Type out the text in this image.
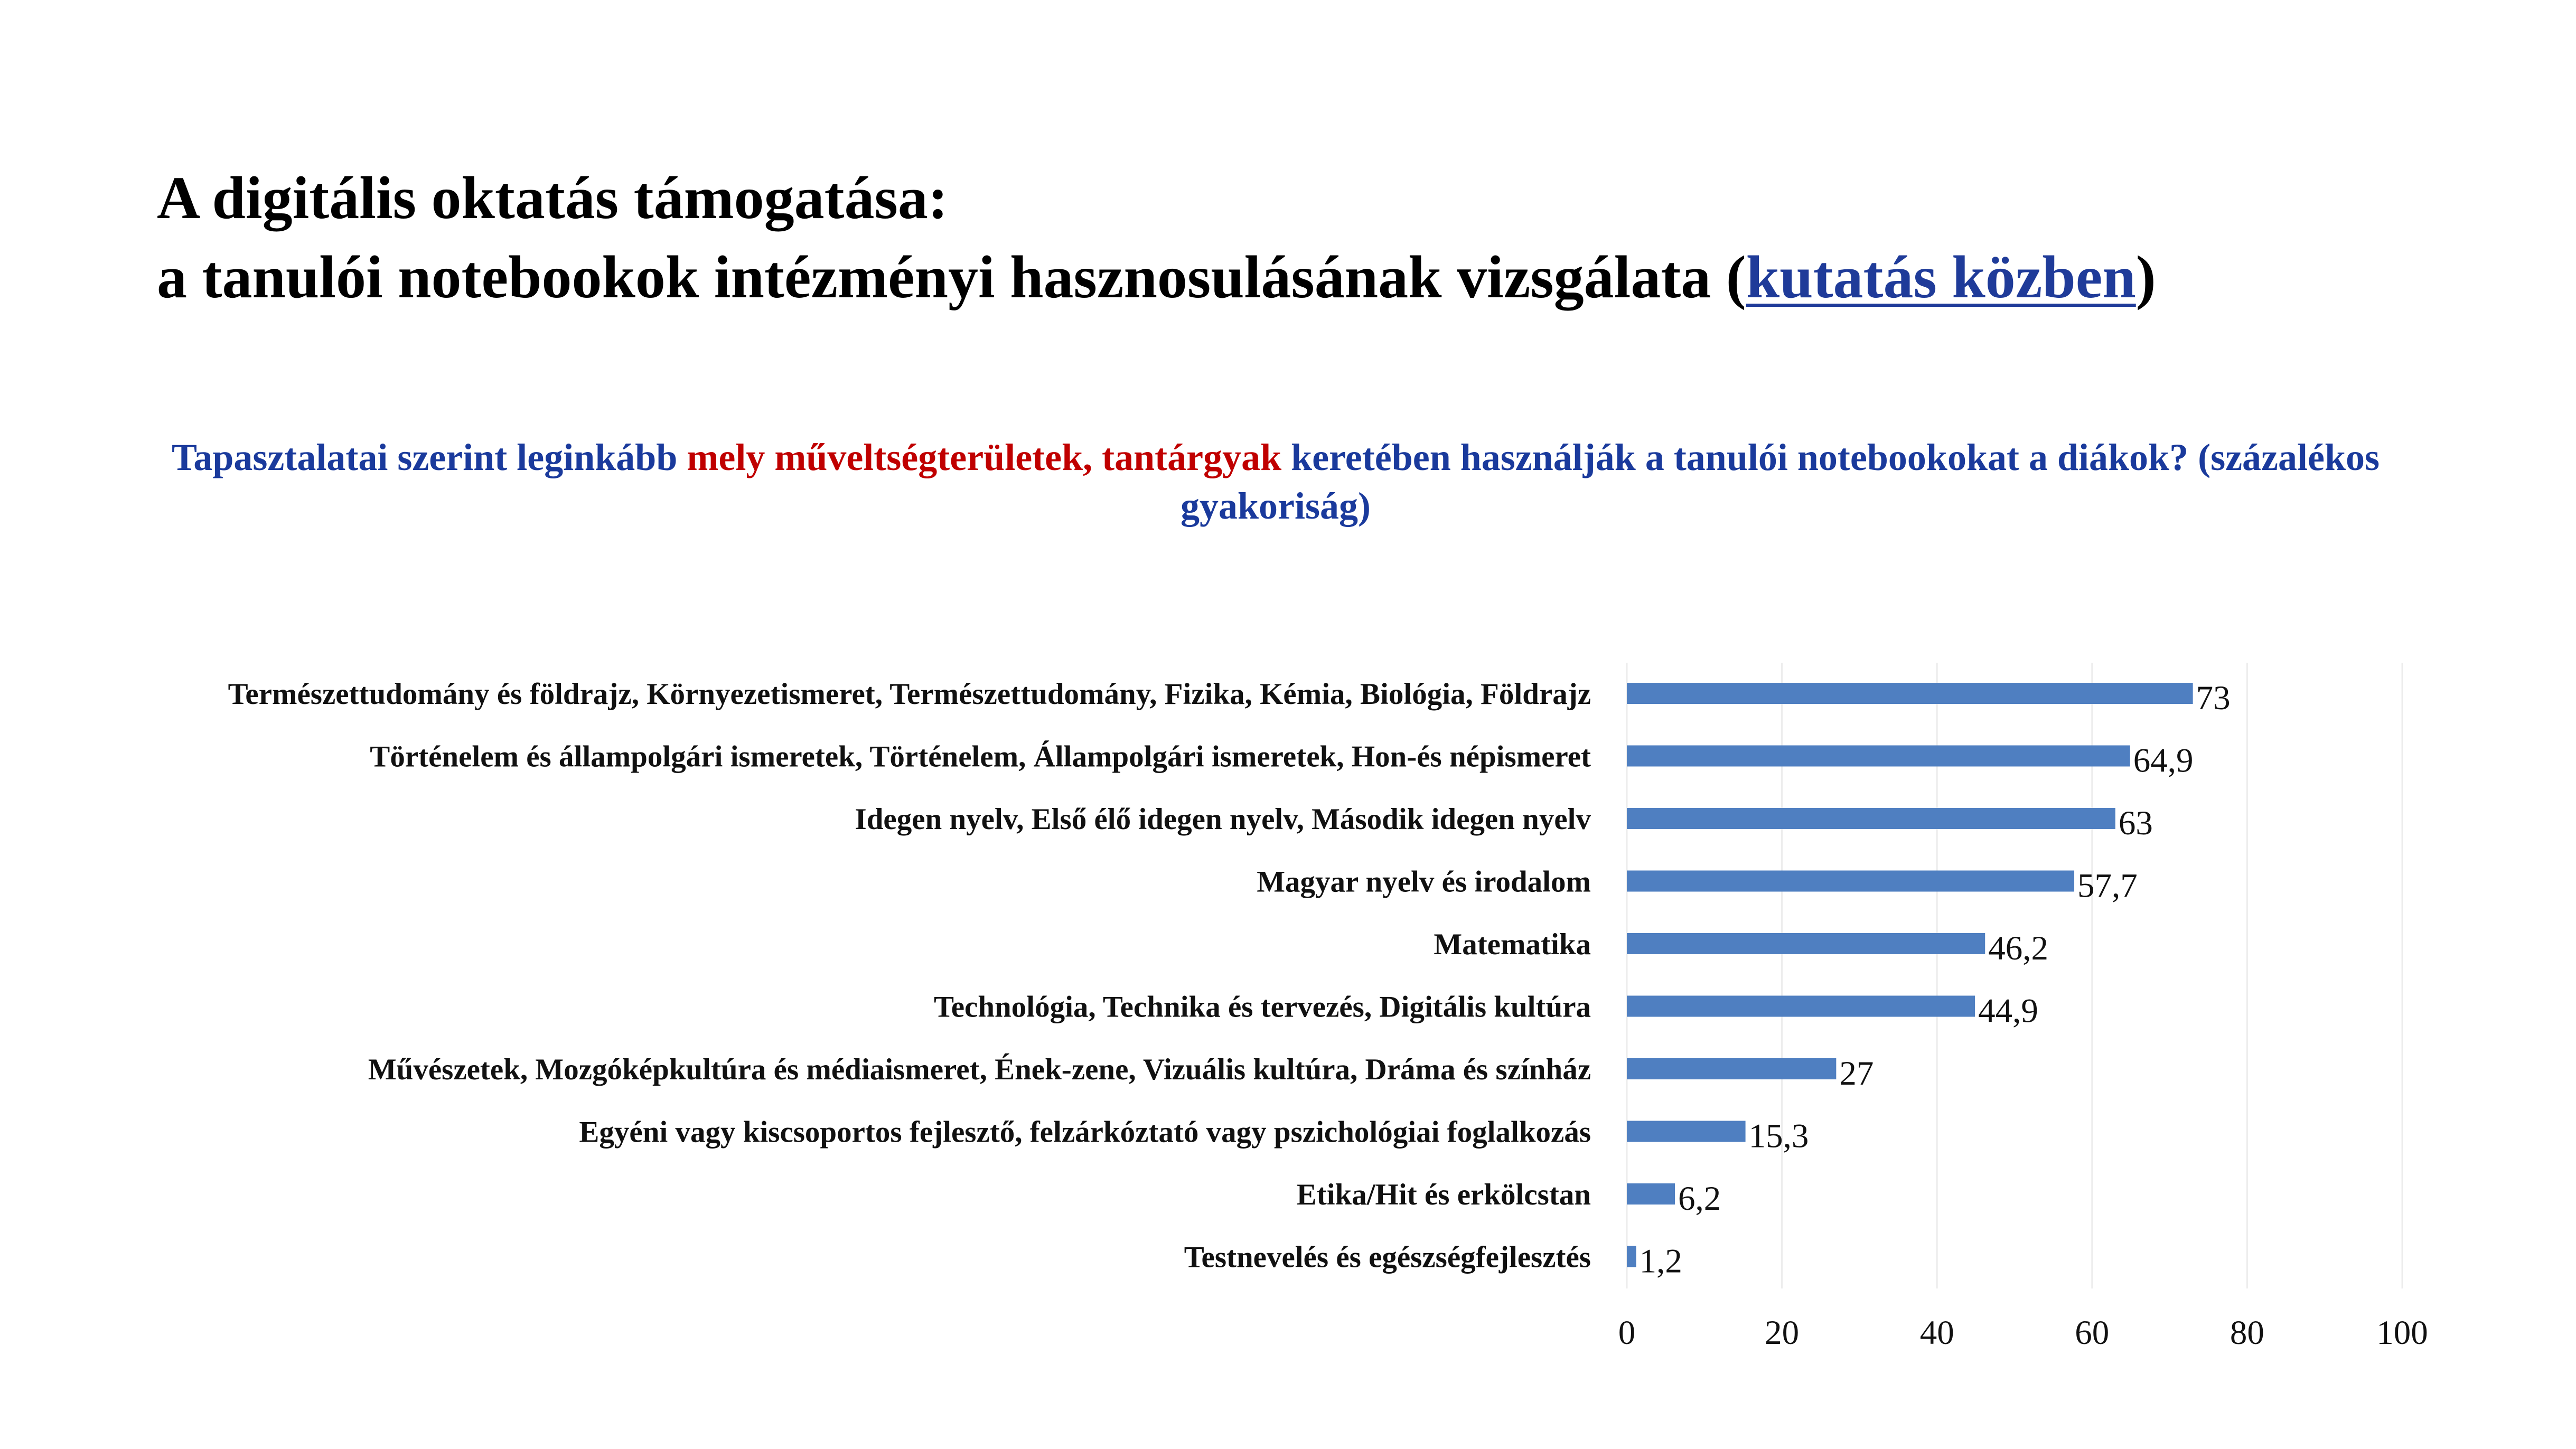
A digitális oktatás támogatása:
a tanulói notebookok intézményi hasznosulásának vizsgálata (kutatás közben)
Tapasztalatai szerint leginkább mely műveltségterületek, tantárgyak keretében használják a tanulói notebookokat a diákok? (százalékos gyakoriság)
Természettudomány és földrajz, Környezetismeret, Természettudomány, Fizika, Kémia, Biológia, Földrajz
Történelem és állampolgári ismeretek, Történelem, Állampolgári ismeretek, Hon-és népismeret
Idegen nyelv, Első élő idegen nyelv, Második idegen nyelv
Magyar nyelv és irodalom
Matematika
Technológia, Technika és tervezés, Digitális kultúra
Művészetek, Mozgóképkultúra és médiaismeret, Ének-zene, Vizuális kultúra, Dráma és színház
Egyéni vagy kiscsoportos fejlesztő, felzárkóztató vagy pszichológiai foglalkozás
Etika/Hit és erkölcstan
Testnevelés és egészségfejlesztés
73
64,9
63
57,7
46,2
44,9
27
15,3
6,2
1,2
0	20	40	60	80	100
